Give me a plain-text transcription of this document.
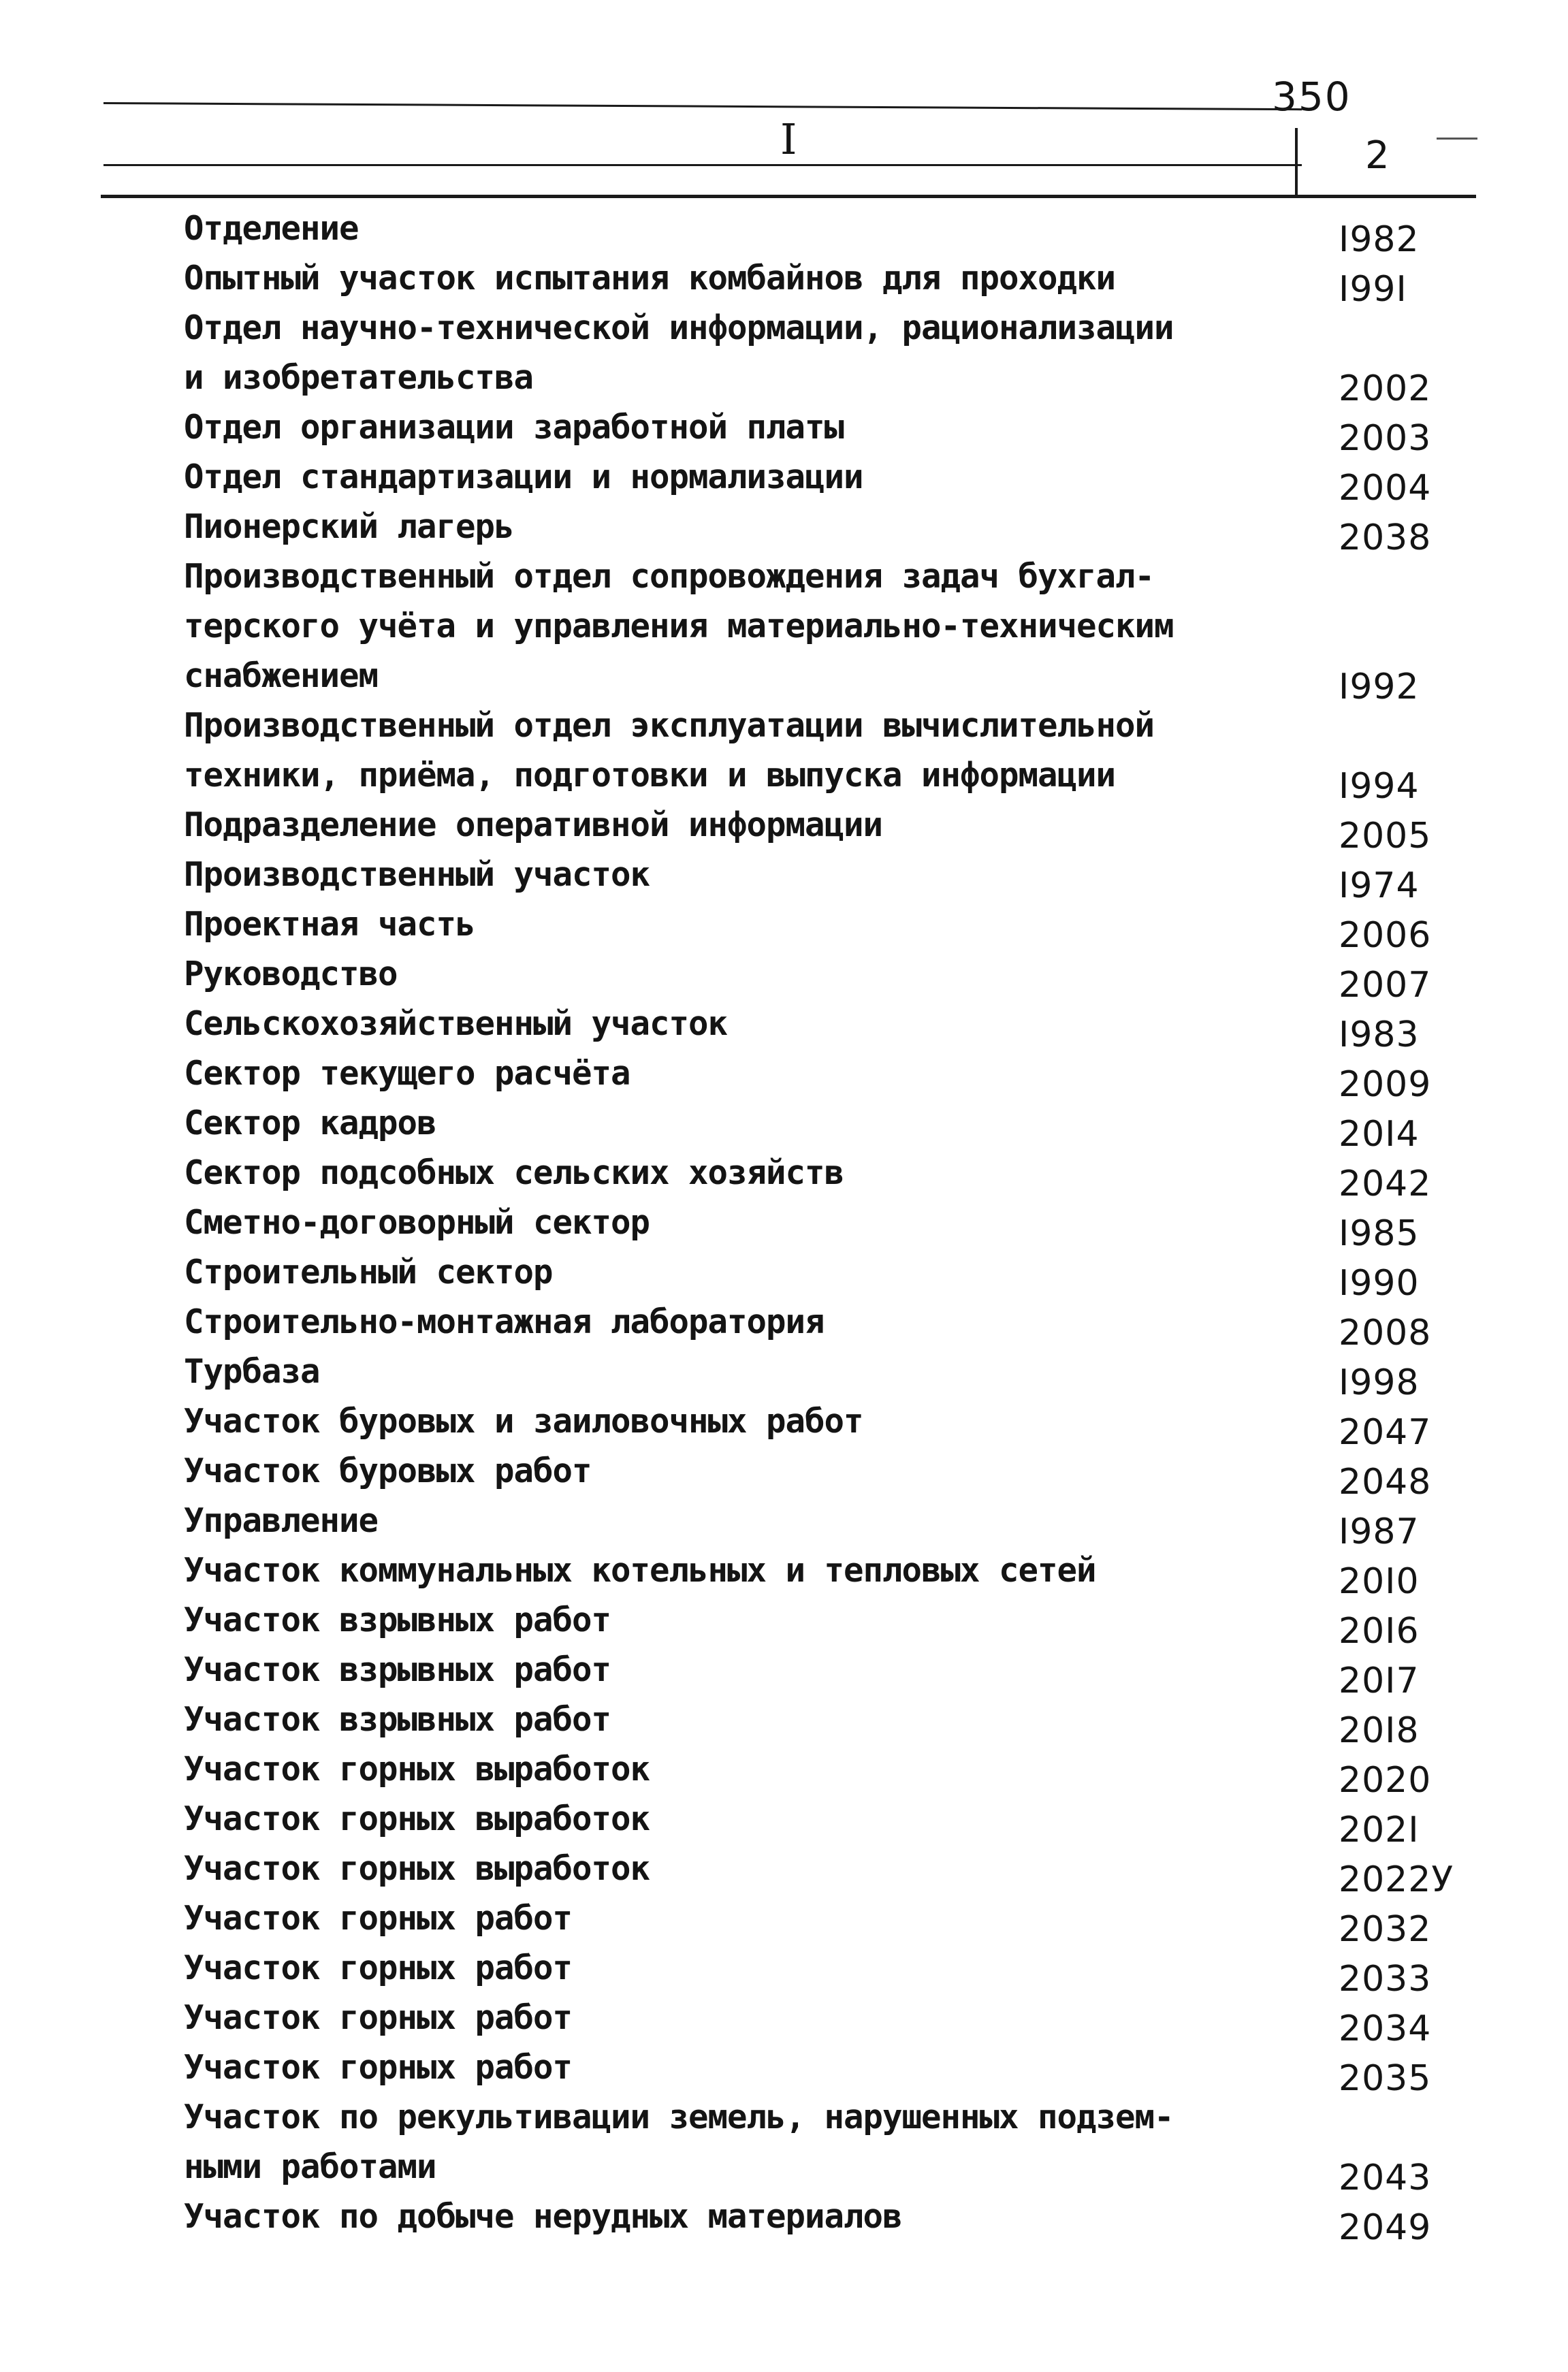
350
I	2
Отделение	I982
Опытный участок испытания комбайнов для проходки	I99I
Отдел научно-технической информации, рационализации
и изобретательства	2002
Отдел организации заработной платы	2003
Отдел стандартизации и нормализации	2004
Пионерский лагерь	2038
Производственный отдел сопровождения задач бухгал-
терского учёта и управления материально-техническим
снабжением	I992
Производственный отдел эксплуатации вычислительной
техники, приёма, подготовки и выпуска информации	I994
Подразделение оперативной информации	2005
Производственный участок	I974
Проектная часть	2006
Руководство	2007
Сельскохозяйственный участок	I983
Сектор текущего расчёта	2009
Сектор кадров	20I4
Сектор подсобных сельских хозяйств	2042
Сметно-договорный сектор	I985
Строительный сектор	I990
Строительно-монтажная лаборатория	2008
Турбаза	I998
Участок буровых и заиловочных работ	2047
Участок буровых работ	2048
Управление	I987
Участок коммунальных котельных и тепловых сетей	20I0
Участок взрывных работ	20I6
Участок взрывных работ	20I7
Участок взрывных работ	20I8
Участок горных выработок	2020
Участок горных выработок	202I
Участок горных выработок	2022У
Участок горных работ	2032
Участок горных работ	2033
Участок горных работ	2034
Участок горных работ	2035
Участок по рекультивации земель, нарушенных подзем-
ными работами	2043
Участок по добыче нерудных материалов	2049
